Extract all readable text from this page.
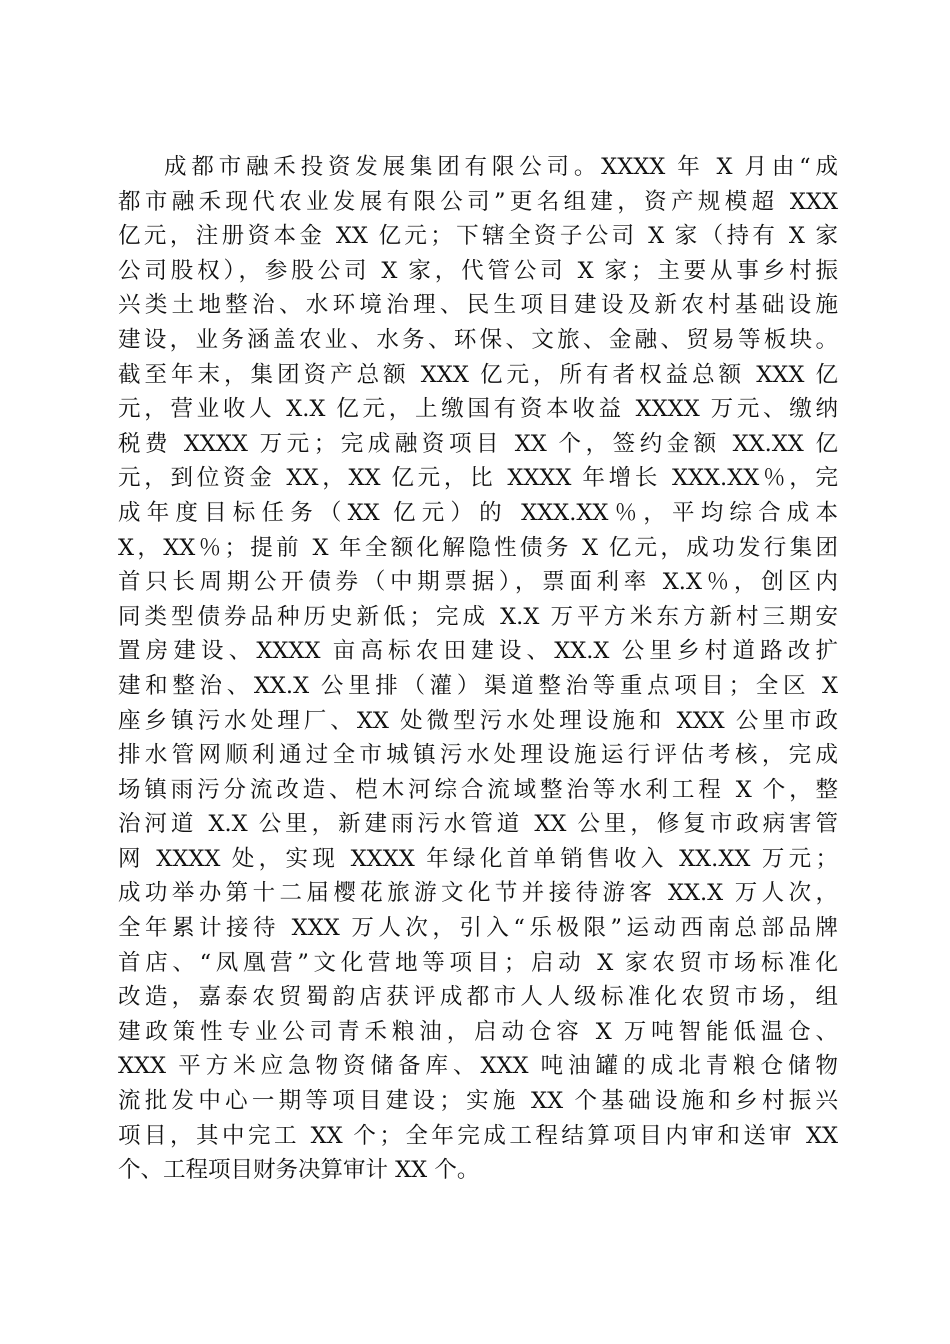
成都市融禾投资发展集团有限公司。XXXX 年 X 月由“成
都市融禾现代农业发展有限公司”更名组建，资产规模超 XXX
亿元，注册资本金 XX 亿元；下辖全资子公司 X 家（持有 X 家
公司股权），参股公司 X 家，代管公司 X 家；主要从事乡村振
兴类土地整治、水环境治理、民生项目建设及新农村基础设施
建设，业务涵盖农业、水务、环保、文旅、金融、贸易等板块。
截至年末，集团资产总额 XXX 亿元，所有者权益总额 XXX 亿
元，营业收人 X.X 亿元，上缴国有资本收益 XXXX 万元、缴纳
税费 XXXX 万元；完成融资项目 XX 个，签约金额 XX.XX 亿
元，到位资金 XX，XX 亿元，比 XXXX 年增长 XXX.XX％，完
成年度目标任务（XX 亿元）的 XXX.XX％，平均综合成本
X，XX％；提前 X 年全额化解隐性债务 X 亿元，成功发行集团
首只长周期公开债券（中期票据），票面利率 X.X％，创区内
同类型债券品种历史新低；完成 X.X 万平方米东方新村三期安
置房建设、XXXX 亩高标农田建设、XX.X 公里乡村道路改扩
建和整治、XX.X 公里排（灌）渠道整治等重点项目；全区 X
座乡镇污水处理厂、XX 处微型污水处理设施和 XXX 公里市政
排水管网顺利通过全市城镇污水处理设施运行评估考核，完成
场镇雨污分流改造、桤木河综合流域整治等水利工程 X 个，整
治河道 X.X 公里，新建雨污水管道 XX 公里，修复市政病害管
网 XXXX 处，实现 XXXX 年绿化首单销售收入 XX.XX 万元；
成功举办第十二届樱花旅游文化节并接待游客 XX.X 万人次，
全年累计接待 XXX 万人次，引入“乐极限”运动西南总部品牌
首店、“凤凰营”文化营地等项目；启动 X 家农贸市场标准化
改造，嘉泰农贸蜀韵店获评成都市人人级标准化农贸市场，组
建政策性专业公司青禾粮油，启动仓容 X 万吨智能低温仓、
XXX 平方米应急物资储备库、XXX 吨油罐的成北青粮仓储物
流批发中心一期等项目建设；实施 XX 个基础设施和乡村振兴
项目，其中完工 XX 个；全年完成工程结算项目内审和送审 XX
个、工程项目财务决算审计 XX 个。
